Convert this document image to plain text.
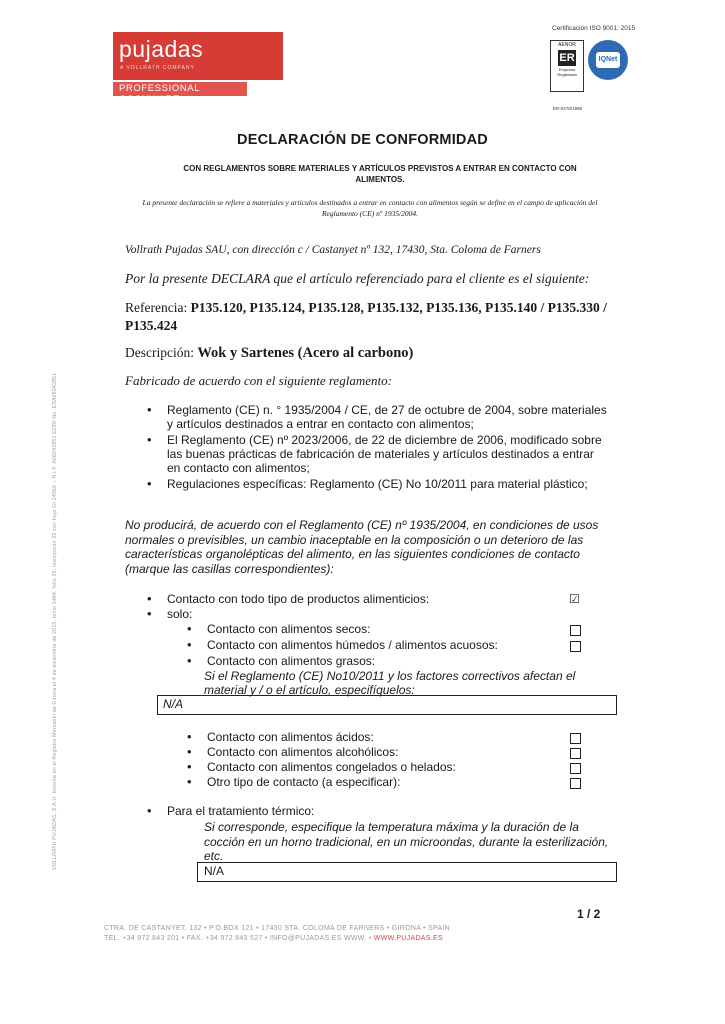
pujadas
A VOLLRATH COMPANY
PROFESSIONAL COOKWARE
Certificación ISO 9001: 2015
AENOR
ER
Empresa
Registrada
ER-0478/1998
IQNet
DECLARACIÓN DE CONFORMIDAD
CON REGLAMENTOS SOBRE MATERIALES Y ARTÍCULOS PREVISTOS A ENTRAR EN CONTACTO CON ALIMENTOS.
La presente declaración se refiere a materiales y artículos destinados a entrar en contacto con alimentos según se define en el campo de aplicación del Reglamento (CE) nº 1935/2004.
Vollrath Pujadas SAU, con dirección c / Castanyet nº 132, 17430, Sta. Coloma de Farners
Por la presente DECLARA que el artículo referenciado para el cliente es el siguiente:
Referencia: P135.120, P135.124, P135.128, P135.132, P135.136, P135.140 / P135.330 / P135.424
Descripción: Wok y Sartenes (Acero al carbono)
Fabricado de acuerdo con el siguiente reglamento:
• Reglamento (CE) n. ° 1935/2004 / CE, de 27 de octubre de 2004, sobre materiales y artículos destinados a entrar en contacto con alimentos;
• El Reglamento (CE) nº 2023/2006, de 22 de diciembre de 2006, modificado sobre las buenas prácticas de fabricación de materiales y artículos destinados a entrar en contacto con alimentos;
• Regulaciones específicas: Reglamento (CE) No 10/2011 para material plástico;
No producirá, de acuerdo con el Reglamento (CE) nº 1935/2004, en condiciones de usos normales o previsibles, un cambio inaceptable en la composición o un deterioro de las características organolépticas del alimento, en las siguientes condiciones de contacto (marque las casillas correspondientes):
• Contacto con todo tipo de productos alimenticios:	☑
• solo:
• Contacto con alimentos secos:
• Contacto con alimentos húmedos / alimentos acuosos:
• Contacto con alimentos grasos:
Si el Reglamento (CE) No10/2011 y los factores correctivos afectan el material y / o el artículo, especifíquelos:
N/A
• Contacto con alimentos ácidos:
• Contacto con alimentos alcohólicos:
• Contacto con alimentos congelados o helados:
• Otro tipo de contacto (a especificar):
• Para el tratamiento térmico:
Si corresponde, especifique la temperatura máxima y la duración de la cocción en un horno tradicional, en un microondas, durante la esterilización, etc.
N/A
1 / 2
CTRA. DE CASTANYET, 132 • P.O.BOX 121 • 17430 STA. COLOMA DE FARNERS • GIRONA • SPAIN
TEL. +34 972 843 201 • FAX. +34 972 843 527 • INFO@PUJADAS.ES WWW. • WWW.PUJADAS.ES
VOLLRATH PUJADAS, S.A.U. Inscrita en el Registro Mercantil de Girona el 4 de diciembre de 2015, tomo 1484, folio 35, inscripción 22 con hoja GI-24966 – N.I.F. A08242851 EORI No. ESA08242851
